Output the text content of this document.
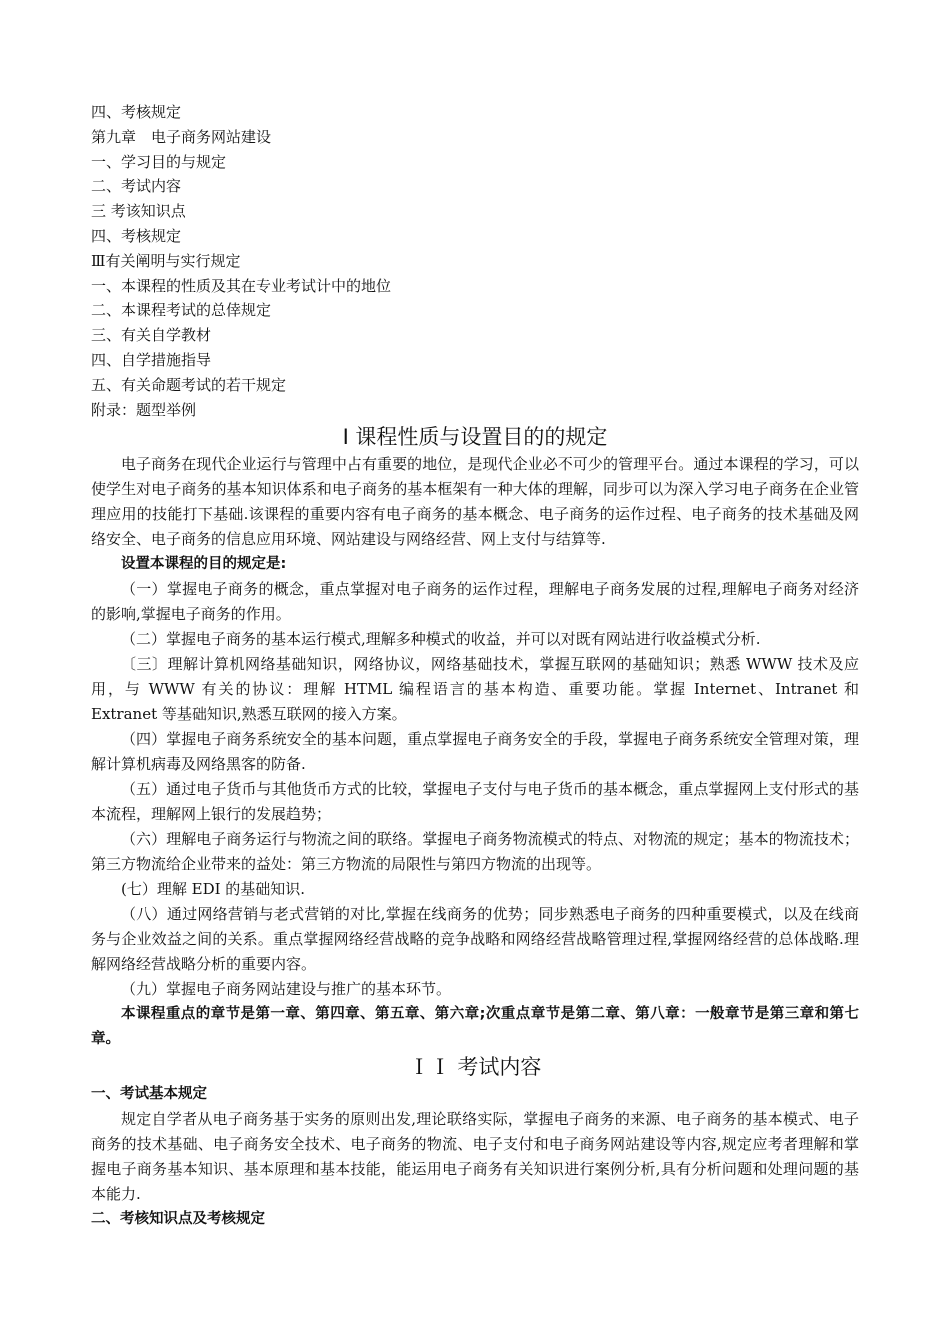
四、考核规定
第九章　电子商务网站建设
一、学习目的与规定
二、考试内容
三 考该知识点
四、考核规定
Ⅲ有关阐明与实行规定
一、本课程的性质及其在专业考试计中的地位
二、本课程考试的总倖规定
三、有关自学教材
四、自学措施指导
五、有关命题考试的若干规定
附录：题型举例
Ⅰ 课程性质与设置目的的规定

电子商务在现代企业运行与管理中占有重要的地位，是现代企业必不可少的管理平台。通过本课程的学习，可以使学生对电子商务的基本知识体系和电子商务的基本框架有一种大体的理解，同步可以为深入学习电子商务在企业管理应用的技能打下基础.该课程的重要内容有电子商务的基本概念、电子商务的运作过程、电子商务的技术基础及网络安全、电子商务的信息应用环境、网站建设与网络经营、网上支付与结算等.

设置本课程的目的规定是:

（一）掌握电子商务的概念，重点掌握对电子商务的运作过程，理解电子商务发展的过程,理解电子商务对经济的影响,掌握电子商务的作用。

（二）掌握电子商务的基本运行模式,理解多种模式的收益，并可以对既有网站进行收益模式分析.

〔三〕理解计算机网络基础知识，网络协议，网络基础技术，掌握互联网的基础知识；熟悉 WWW 技术及应用，与 WWW 有关的协议：理解 HTML 编程语言的基本构造、重要功能。掌握 Internet、Intranet 和 Extranet 等基础知识,熟悉互联网的接入方案。

（四）掌握电子商务系统安全的基本问题，重点掌握电子商务安全的手段，掌握电子商务系统安全管理对策，理解计算机病毒及网络黑客的防备.

（五）通过电子货币与其他货币方式的比较，掌握电子支付与电子货币的基本概念，重点掌握网上支付形式的基本流程，理解网上银行的发展趋势；

（六）理解电子商务运行与物流之间的联络。掌握电子商务物流模式的特点、对物流的规定；基本的物流技术；第三方物流给企业带来的益处：第三方物流的局限性与第四方物流的出现等。

(七）理解 EDI 的基础知识.

（八）通过网络营销与老式营销的对比,掌握在线商务的优势；同步熟悉电子商务的四种重要模式，以及在线商务与企业效益之间的关系。重点掌握网络经营战略的竞争战略和网络经营战略管理过程,掌握网络经营的总体战略.理解网络经营战略分析的重要内容。

（九）掌握电子商务网站建设与推广的基本环节。

本课程重点的章节是第一章、第四章、第五章、第六章;次重点章节是第二章、第八章：一般章节是第三章和第七章。

ＩＩ 考试内容
一、考试基本规定

规定自学者从电子商务基于实务的原则出发,理论联络实际，掌握电子商务的来源、电子商务的基本模式、电子商务的技术基础、电子商务安全技术、电子商务的物流、电子支付和电子商务网站建设等内容,规定应考者理解和掌握电子商务基本知识、基本原理和基本技能，能运用电子商务有关知识进行案例分析,具有分析问题和处理问题的基本能力.

二、考核知识点及考核规定
